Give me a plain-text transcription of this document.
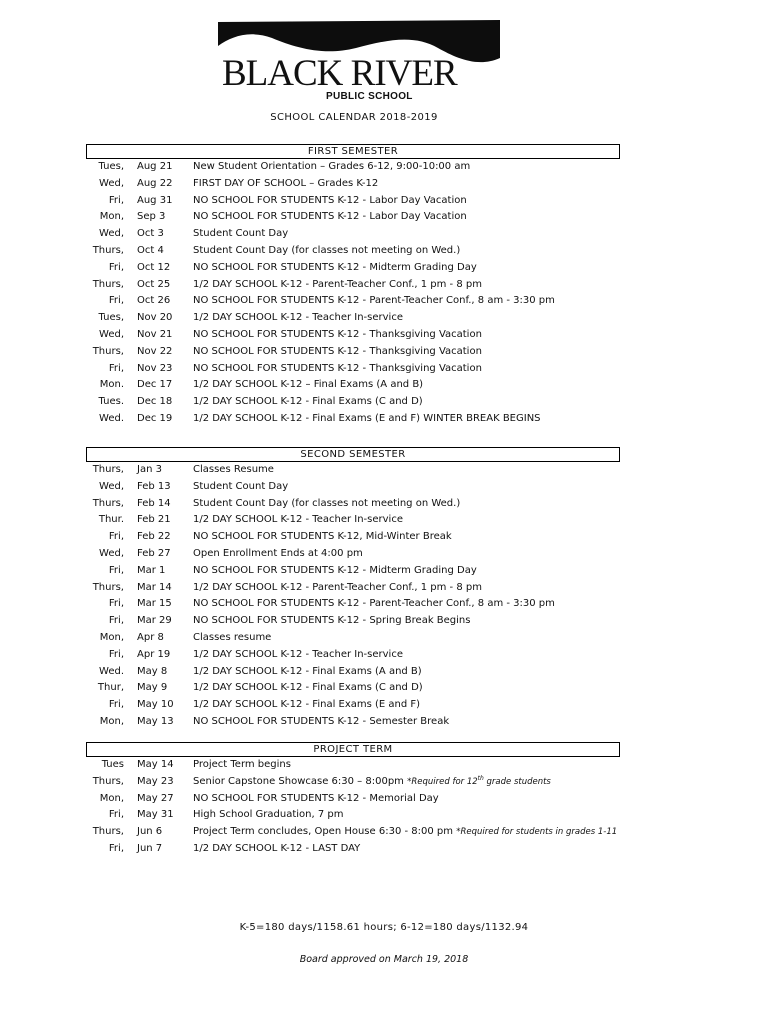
BLACK RIVER
PUBLIC SCHOOL
SCHOOL CALENDAR 2018-2019
FIRST SEMESTER
Tues, Aug 21 New Student Orientation – Grades 6-12, 9:00-10:00 am
Wed, Aug 22 FIRST DAY OF SCHOOL – Grades K-12
Fri, Aug 31 NO SCHOOL FOR STUDENTS K-12 - Labor Day Vacation
Mon, Sep 3	NO SCHOOL FOR STUDENTS K-12 - Labor Day Vacation
Wed, Oct 3	Student Count Day
Thurs, Oct 4	Student Count Day (for classes not meeting on Wed.)
Fri, Oct 12 NO SCHOOL FOR STUDENTS K-12 - Midterm Grading Day
Thurs, Oct 25 1/2 DAY SCHOOL K-12 - Parent-Teacher Conf., 1 pm - 8 pm
Fri, Oct 26 NO SCHOOL FOR STUDENTS K-12 - Parent-Teacher Conf., 8 am - 3:30 pm
Tues, Nov 20 1/2 DAY SCHOOL K-12 - Teacher In-service
Wed, Nov 21 NO SCHOOL FOR STUDENTS K-12 - Thanksgiving Vacation
Thurs, Nov 22 NO SCHOOL FOR STUDENTS K-12 - Thanksgiving Vacation
Fri, Nov 23 NO SCHOOL FOR STUDENTS K-12 - Thanksgiving Vacation
Mon. Dec 17 1/2 DAY SCHOOL K-12 – Final Exams (A and B)
Tues. Dec 18 1/2 DAY SCHOOL K-12 - Final Exams (C and D)
Wed. Dec 19 1/2 DAY SCHOOL K-12 - Final Exams (E and F) WINTER BREAK BEGINS
SECOND SEMESTER
Thurs, Jan 3	Classes Resume
Wed, Feb 13 Student Count Day
Thurs, Feb 14 Student Count Day (for classes not meeting on Wed.)
Thur. Feb 21 1/2 DAY SCHOOL K-12 - Teacher In-service
Fri, Feb 22 NO SCHOOL FOR STUDENTS K-12, Mid-Winter Break
Wed, Feb 27 Open Enrollment Ends at 4:00 pm
Fri, Mar 1	NO SCHOOL FOR STUDENTS K-12 - Midterm Grading Day
Thurs, Mar 14 1/2 DAY SCHOOL K-12 - Parent-Teacher Conf., 1 pm - 8 pm
Fri, Mar 15 NO SCHOOL FOR STUDENTS K-12 - Parent-Teacher Conf., 8 am - 3:30 pm
Fri, Mar 29 NO SCHOOL FOR STUDENTS K-12 - Spring Break Begins
Mon, Apr 8	Classes resume
Fri, Apr 19 1/2 DAY SCHOOL K-12 - Teacher In-service
Wed. May 8	1/2 DAY SCHOOL K-12 - Final Exams (A and B)
Thur, May 9	1/2 DAY SCHOOL K-12 - Final Exams (C and D)
Fri, May 10 1/2 DAY SCHOOL K-12 - Final Exams (E and F)
Mon, May 13 NO SCHOOL FOR STUDENTS K-12 - Semester Break
PROJECT TERM
Tues May 14 Project Term begins
Thurs, May 23 Senior Capstone Showcase 6:30 – 8:00pm *Required for 12th grade students
Mon, May 27 NO SCHOOL FOR STUDENTS K-12 - Memorial Day
Fri, May 31 High School Graduation, 7 pm
Thurs, Jun 6	Project Term concludes, Open House 6:30 - 8:00 pm *Required for students in grades 1-11
Fri, Jun 7	1/2 DAY SCHOOL K-12 - LAST DAY
K-5=180 days/1158.61 hours; 6-12=180 days/1132.94
Board approved on March 19, 2018
